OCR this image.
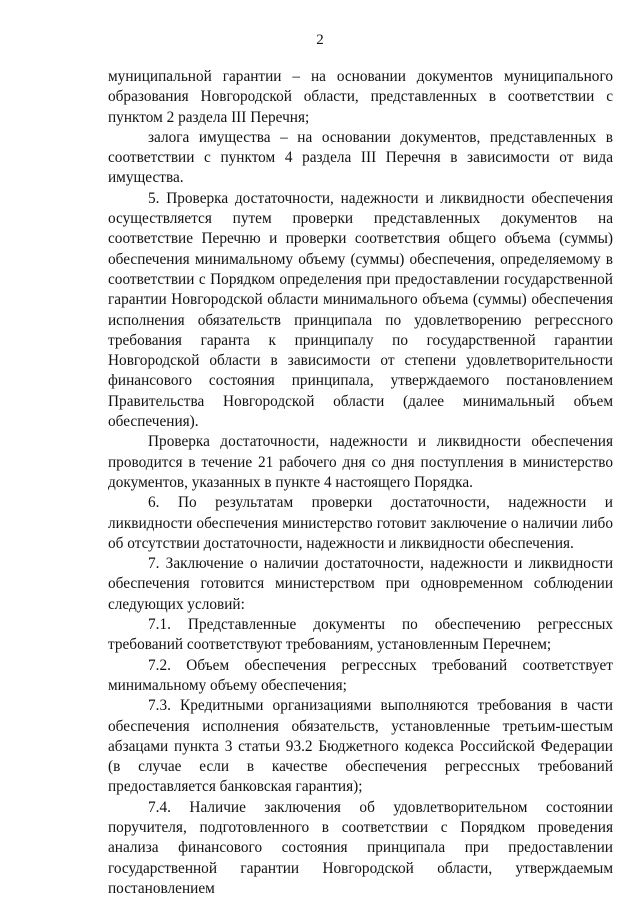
2

муниципальной гарантии – на основании документов муниципального образования Новгородской области, представленных в соответствии с пунктом 2 раздела III Перечня;

залога имущества – на основании документов, представленных в соответствии с пунктом 4 раздела III Перечня в зависимости от вида имущества.

5. Проверка достаточности, надежности и ликвидности обеспечения осуществляется путем проверки представленных документов на соответствие Перечню и проверки соответствия общего объема (суммы) обеспечения минимальному объему (суммы) обеспечения, определяемому в соответствии с Порядком определения при предоставлении государственной гарантии Новгородской области минимального объема (суммы) обеспечения исполнения обязательств принципала по удовлетворению регрессного требования гаранта к принципалу по государственной гарантии Новгородской области в зависимости от степени удовлетворительности финансового состояния принципала, утверждаемого постановлением Правительства Новгородской области (далее минимальный объем обеспечения).

Проверка достаточности, надежности и ликвидности обеспечения проводится в течение 21 рабочего дня со дня поступления в министерство документов, указанных в пункте 4 настоящего Порядка.

6. По результатам проверки достаточности, надежности и ликвидности обеспечения министерство готовит заключение о наличии либо об отсутствии достаточности, надежности и ликвидности обеспечения.

7. Заключение о наличии достаточности, надежности и ликвидности обеспечения готовится министерством при одновременном соблюдении следующих условий:

7.1. Представленные документы по обеспечению регрессных требований соответствуют требованиям, установленным Перечнем;

7.2. Объем обеспечения регрессных требований соответствует минимальному объему обеспечения;

7.3. Кредитными организациями выполняются требования в части обеспечения исполнения обязательств, установленные третьим-шестым абзацами пункта 3 статьи 93.2 Бюджетного кодекса Российской Федерации (в случае если в качестве обеспечения регрессных требований предоставляется банковская гарантия);

7.4. Наличие заключения об удовлетворительном состоянии поручителя, подготовленного в соответствии с Порядком проведения анализа финансового состояния принципала при предоставлении государственной гарантии Новгородской области, утверждаемым постановлением
